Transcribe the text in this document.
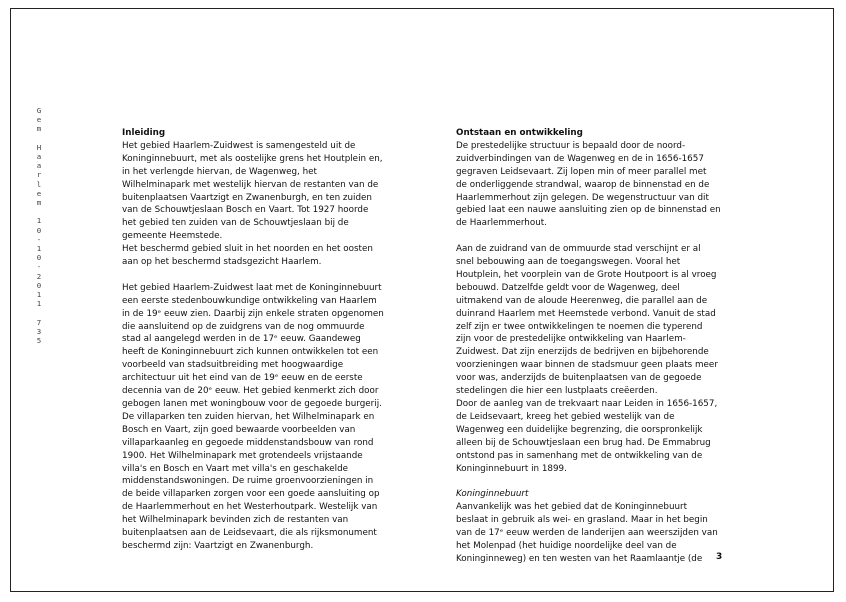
G
e
m

H
a
a
r
l
e
m

1
0
-
1
0
-
2
0
1
1

7
3
5
Inleiding

Het gebied Haarlem-Zuidwest is samengesteld uit de
Koninginnebuurt, met als oostelijke grens het Houtplein en,
in het verlengde hiervan, de Wagenweg, het
Wilhelminapark met westelijk hiervan de restanten van de
buitenplaatsen Vaartzigt en Zwanenburgh, en ten zuiden
van de Schouwtjeslaan Bosch en Vaart. Tot 1927 hoorde
het gebied ten zuiden van de Schouwtjeslaan bij de
gemeente Heemstede.
Het beschermd gebied sluit in het noorden en het oosten
aan op het beschermd stadsgezicht Haarlem.

Het gebied Haarlem-Zuidwest laat met de Koninginnebuurt
een eerste stedenbouwkundige ontwikkeling van Haarlem
in de 19ᵉ eeuw zien. Daarbij zijn enkele straten opgenomen
die aansluitend op de zuidgrens van de nog ommuurde
stad al aangelegd werden in de 17ᵉ eeuw. Gaandeweg
heeft de Koninginnebuurt zich kunnen ontwikkelen tot een
voorbeeld van stadsuitbreiding met hoogwaardige
architectuur uit het eind van de 19ᵉ eeuw en de eerste
decennia van de 20ᵉ eeuw. Het gebied kenmerkt zich door
gebogen lanen met woningbouw voor de gegoede burgerij.
De villaparken ten zuiden hiervan, het Wilhelminapark en
Bosch en Vaart, zijn goed bewaarde voorbeelden van
villaparkaanleg en gegoede middenstandsbouw van rond
1900. Het Wilhelminapark met grotendeels vrijstaande
villa's en Bosch en Vaart met villa's en geschakelde
middenstandswoningen. De ruime groenvoorzieningen in
de beide villaparken zorgen voor een goede aansluiting op
de Haarlemmerhout en het Westerhoutpark. Westelijk van
het Wilhelminapark bevinden zich de restanten van
buitenplaatsen aan de Leidsevaart, die als rijksmonument
beschermd zijn: Vaartzigt en Zwanenburgh.

Ontstaan en ontwikkeling

De prestedelijke structuur is bepaald door de noord-
zuidverbindingen van de Wagenweg en de in 1656-1657
gegraven Leidsevaart. Zij lopen min of meer parallel met
de onderliggende strandwal, waarop de binnenstad en de
Haarlemmerhout zijn gelegen. De wegenstructuur van dit
gebied laat een nauwe aansluiting zien op de binnenstad en
de Haarlemmerhout.

Aan de zuidrand van de ommuurde stad verschijnt er al
snel bebouwing aan de toegangswegen. Vooral het
Houtplein, het voorplein van de Grote Houtpoort is al vroeg
bebouwd. Datzelfde geldt voor de Wagenweg, deel
uitmakend van de aloude Heerenweg, die parallel aan de
duinrand Haarlem met Heemstede verbond. Vanuit de stad
zelf zijn er twee ontwikkelingen te noemen die typerend
zijn voor de prestedelijke ontwikkeling van Haarlem-
Zuidwest. Dat zijn enerzijds de bedrijven en bijbehorende
voorzieningen waar binnen de stadsmuur geen plaats meer
voor was, anderzijds de buitenplaatsen van de gegoede
stedelingen die hier een lustplaats creëerden.
Door de aanleg van de trekvaart naar Leiden in 1656-1657,
de Leidsevaart, kreeg het gebied westelijk van de
Wagenweg een duidelijke begrenzing, die oorspronkelijk
alleen bij de Schouwtjeslaan een brug had. De Emmabrug
ontstond pas in samenhang met de ontwikkeling van de
Koninginnebuurt in 1899.

Koninginnebuurt

Aanvankelijk was het gebied dat de Koninginnebuurt
beslaat in gebruik als wei- en grasland. Maar in het begin
van de 17ᵉ eeuw werden de landerijen aan weerszijden van
het Molenpad (het huidige noordelijke deel van de
Koninginneweg) en ten westen van het Raamlaantje (de	3
